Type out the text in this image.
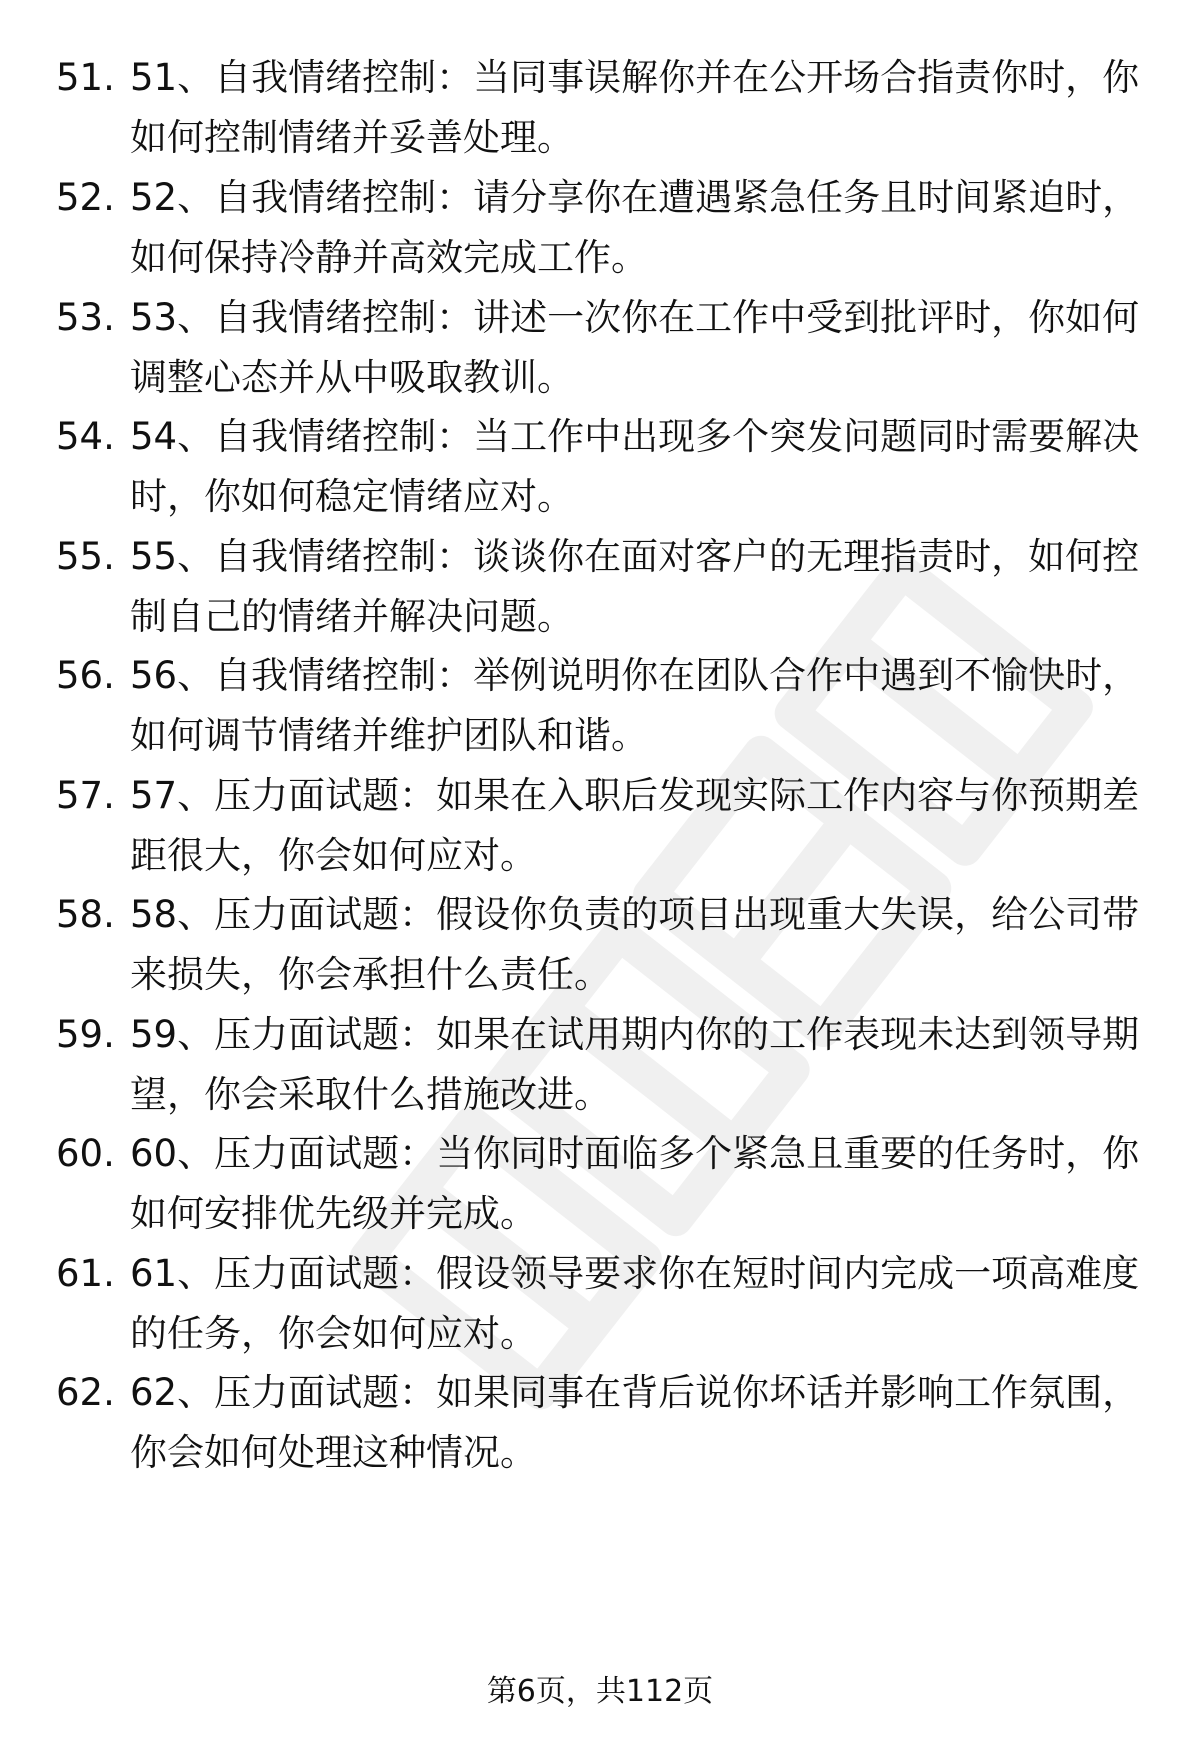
51. 51、自我情绪控制：当同事误解你并在公开场合指责你时，你如何控制情绪并妥善处理。
52. 52、自我情绪控制：请分享你在遭遇紧急任务且时间紧迫时，如何保持冷静并高效完成工作。
53. 53、自我情绪控制：讲述一次你在工作中受到批评时，你如何调整心态并从中吸取教训。
54. 54、自我情绪控制：当工作中出现多个突发问题同时需要解决时，你如何稳定情绪应对。
55. 55、自我情绪控制：谈谈你在面对客户的无理指责时，如何控制自己的情绪并解决问题。
56. 56、自我情绪控制：举例说明你在团队合作中遇到不愉快时，如何调节情绪并维护团队和谐。
57. 57、压力面试题：如果在入职后发现实际工作内容与你预期差距很大，你会如何应对。
58. 58、压力面试题：假设你负责的项目出现重大失误，给公司带来损失，你会承担什么责任。
59. 59、压力面试题：如果在试用期内你的工作表现未达到领导期望，你会采取什么措施改进。
60. 60、压力面试题：当你同时面临多个紧急且重要的任务时，你如何安排优先级并完成。
61. 61、压力面试题：假设领导要求你在短时间内完成一项高难度的任务，你会如何应对。
62. 62、压力面试题：如果同事在背后说你坏话并影响工作氛围，你会如何处理这种情况。
第6页，共112页
